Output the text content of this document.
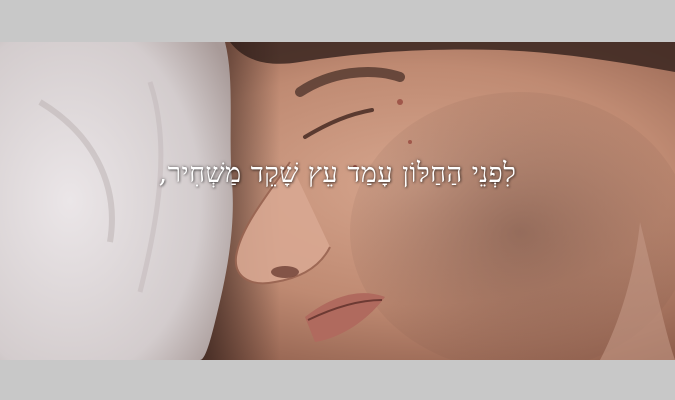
לִפְנֵי הַחַלּוֹן עָמַד עֵץ שָׁקֵד מַשְׁחִיר,
